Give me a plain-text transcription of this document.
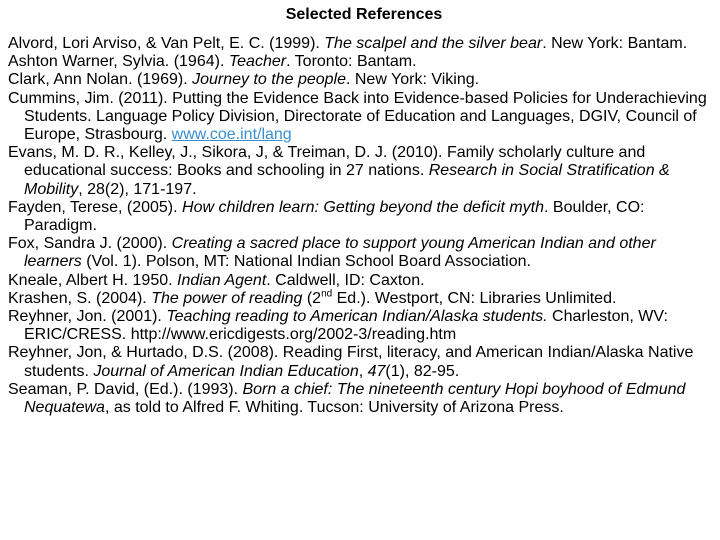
Selected References
Alvord, Lori Arviso, & Van Pelt, E. C. (1999). The scalpel and the silver bear. New York: Bantam.
Ashton Warner, Sylvia. (1964). Teacher. Toronto: Bantam.
Clark, Ann Nolan. (1969). Journey to the people. New York: Viking.
Cummins, Jim. (2011). Putting the Evidence Back into Evidence-based Policies for Underachieving Students. Language Policy Division, Directorate of Education and Languages, DGIV, Council of Europe, Strasbourg. www.coe.int/lang
Evans, M. D. R., Kelley, J., Sikora, J, & Treiman, D. J. (2010). Family scholarly culture and educational success: Books and schooling in 27 nations. Research in Social Stratification & Mobility, 28(2), 171-197.
Fayden, Terese, (2005). How children learn: Getting beyond the deficit myth. Boulder, CO: Paradigm.
Fox, Sandra J. (2000). Creating a sacred place to support young American Indian and other learners (Vol. 1). Polson, MT: National Indian School Board Association.
Kneale, Albert H. 1950. Indian Agent. Caldwell, ID: Caxton.
Krashen, S. (2004). The power of reading (2nd Ed.). Westport, CN: Libraries Unlimited.
Reyhner, Jon. (2001). Teaching reading to American Indian/Alaska students. Charleston, WV: ERIC/CRESS. http://www.ericdigests.org/2002-3/reading.htm
Reyhner, Jon, & Hurtado, D.S. (2008). Reading First, literacy, and American Indian/Alaska Native students. Journal of American Indian Education, 47(1), 82-95.
Seaman, P. David, (Ed.). (1993). Born a chief: The nineteenth century Hopi boyhood of Edmund Nequatewa, as told to Alfred F. Whiting. Tucson: University of Arizona Press.
